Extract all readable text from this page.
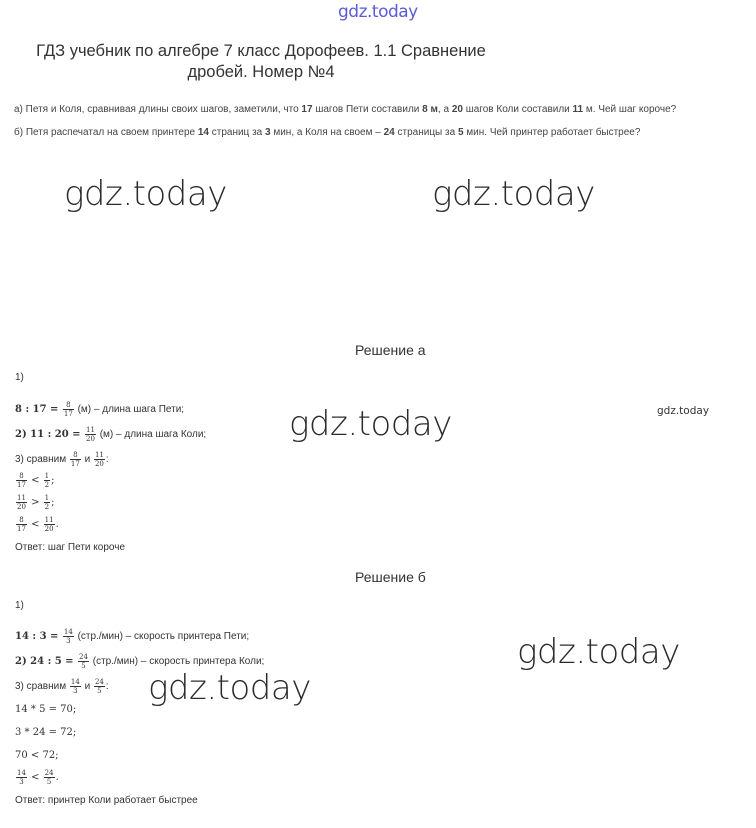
gdz.today
ГДЗ учебник по алгебре 7 класс Дорофеев. 1.1 Сравнение
дробей. Номер №4
а) Петя и Коля, сравнивая длины своих шагов, заметили, что 17 шагов Пети составили 8 м, а 20 шагов Коли составили 11 м. Чей шаг короче?
б) Петя распечатал на своем принтере 14 страниц за 3 мин, а Коля на своем – 24 страницы за 5 мин. Чей принтер работает быстрее?
gdz.today	gdz.today
gdz.today	gdz.today
gdz.today
gdz.today
Решение а
1)
8 : $17 = \frac{8}{17} (м)$ – длина шага Пети;
2) 11 : $20 = \frac{11}{20} (м)$ – длина шага Коли;
3) сравним $\frac{8}{17}$ и $\frac{11}{20}$ :
$\frac{8}{17} < \frac{1}{2}$ ;
$\frac{11}{20} > \frac{1}{2}$ ;
$\frac{8}{17} < \frac{11}{20}$ .
Ответ: шаг Пети короче
Решение б
1)
14 : $3 = \frac{14}{3} (стр./мин)$ – скорость принтера Пети;
2) 24 : $5 = \frac{24}{5} (стр./мин)$ – скорость принтера Коли;
3) сравним $\frac{14}{3}$ и $\frac{24}{5}$ :
14 * 5 = 70;
3 * 24 = 72;
70 < 72;
$\frac{14}{3} < \frac{24}{5}$ .
Ответ: принтер Коли работает быстрее
